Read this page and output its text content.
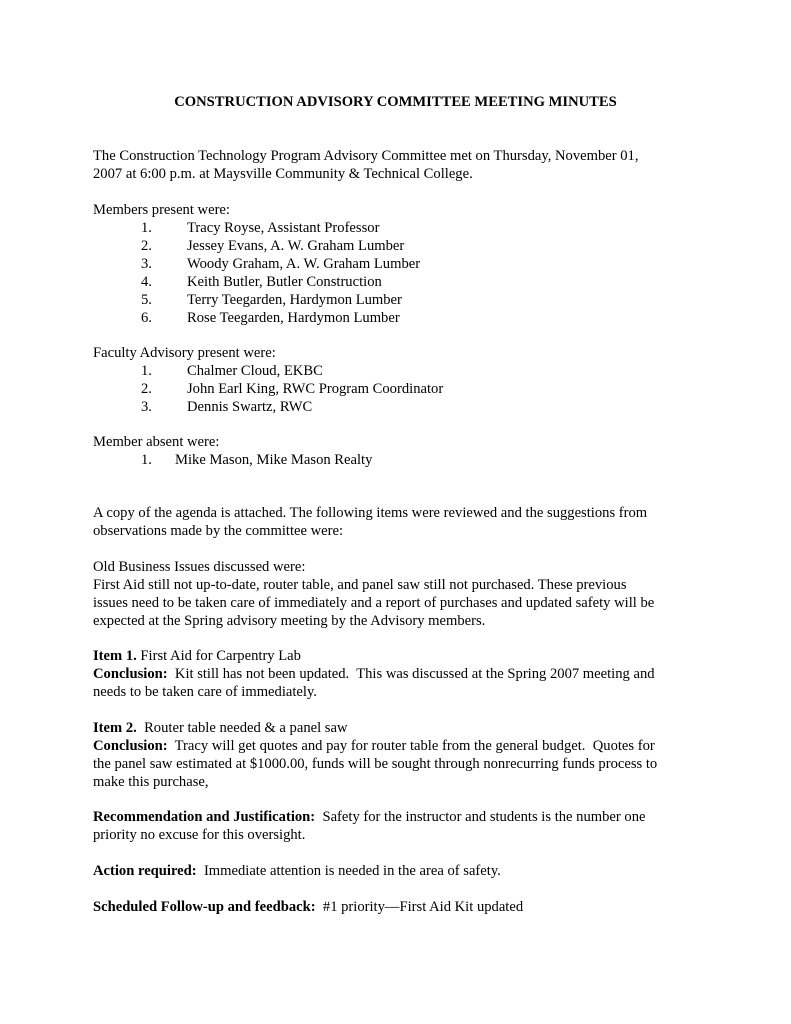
CONSTRUCTION ADVISORY COMMITTEE MEETING MINUTES
The Construction Technology Program Advisory Committee met on Thursday, November 01,
2007 at 6:00 p.m. at Maysville Community & Technical College.
Members present were:
1. Tracy Royse, Assistant Professor
2. Jessey Evans, A. W. Graham Lumber
3. Woody Graham, A. W. Graham Lumber
4. Keith Butler, Butler Construction
5. Terry Teegarden, Hardymon Lumber
6. Rose Teegarden, Hardymon Lumber
Faculty Advisory present were:
1. Chalmer Cloud, EKBC
2. John Earl King, RWC Program Coordinator
3. Dennis Swartz, RWC
Member absent were:
1. Mike Mason, Mike Mason Realty
A copy of the agenda is attached. The following items were reviewed and the suggestions from
observations made by the committee were:
Old Business Issues discussed were:
First Aid still not up-to-date, router table, and panel saw still not purchased. These previous
issues need to be taken care of immediately and a report of purchases and updated safety will be
expected at the Spring advisory meeting by the Advisory members.
Item 1. First Aid for Carpentry Lab
Conclusion:  Kit still has not been updated.  This was discussed at the Spring 2007 meeting and
needs to be taken care of immediately.
Item 2.  Router table needed & a panel saw
Conclusion:  Tracy will get quotes and pay for router table from the general budget.  Quotes for
the panel saw estimated at $1000.00, funds will be sought through nonrecurring funds process to
make this purchase,
Recommendation and Justification:  Safety for the instructor and students is the number one
priority no excuse for this oversight.
Action required:  Immediate attention is needed in the area of safety.
Scheduled Follow-up and feedback:  #1 priority—First Aid Kit updated
